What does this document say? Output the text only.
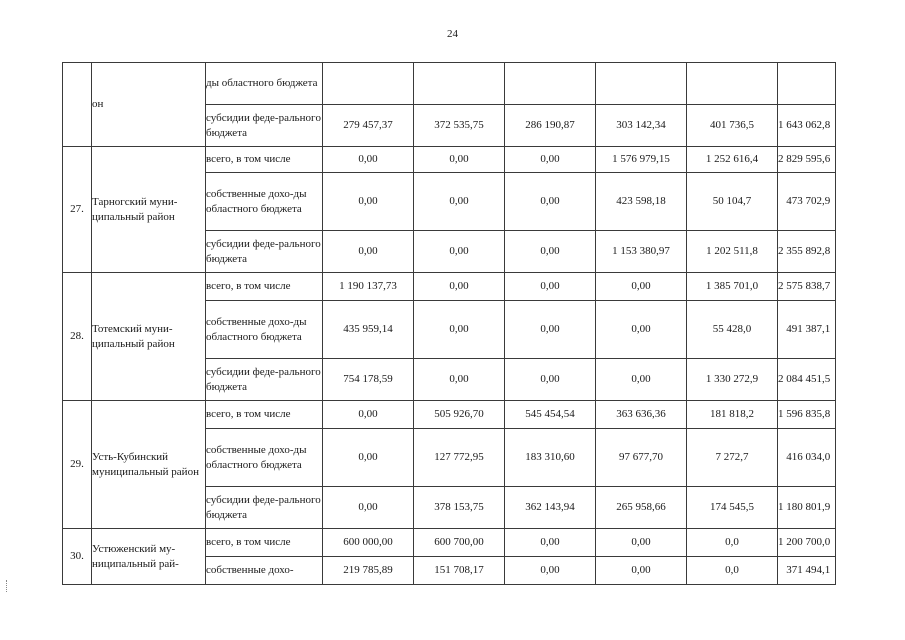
24
	он	ды областного бюджета						
		субсидии феде-ральногo бюджета	279 457,37	372 535,75	286 190,87	303 142,34	401 736,5	1 643 062,8
27.	Тарногский муни-ципальный район	всего, в том числе	0,00	0,00	0,00	1 576 979,15	1 252 616,4	2 829 595,6
		собственные дохо-ды областного бюджета	0,00	0,00	0,00	423 598,18	50 104,7	473 702,9
		субсидии феде-рального бюджета	0,00	0,00	0,00	1 153 380,97	1 202 511,8	2 355 892,8
28.	Тотемский муни-ципальный район	всего, в том числе	1 190 137,73	0,00	0,00	0,00	1 385 701,0	2 575 838,7
		собственные дохо-ды областного бюджета	435 959,14	0,00	0,00	0,00	55 428,0	491 387,1
		субсидии феде-рального бюджета	754 178,59	0,00	0,00	0,00	1 330 272,9	2 084 451,5
29.	Усть-Кубинский муниципальный район	всего, в том числе	0,00	505 926,70	545 454,54	363 636,36	181 818,2	1 596 835,8
		собственные дохо-ды областного бюджета	0,00	127 772,95	183 310,60	97 677,70	7 272,7	416 034,0
		субсидии феде-рального бюджета	0,00	378 153,75	362 143,94	265 958,66	174 545,5	1 180 801,9
30.	Устюженский му-ниципальный рай-	всего, в том числе	600 000,00	600 700,00	0,00	0,00	0,0	1 200 700,0
		собственные дохо-	219 785,89	151 708,17	0,00	0,00	0,0	371 494,1
